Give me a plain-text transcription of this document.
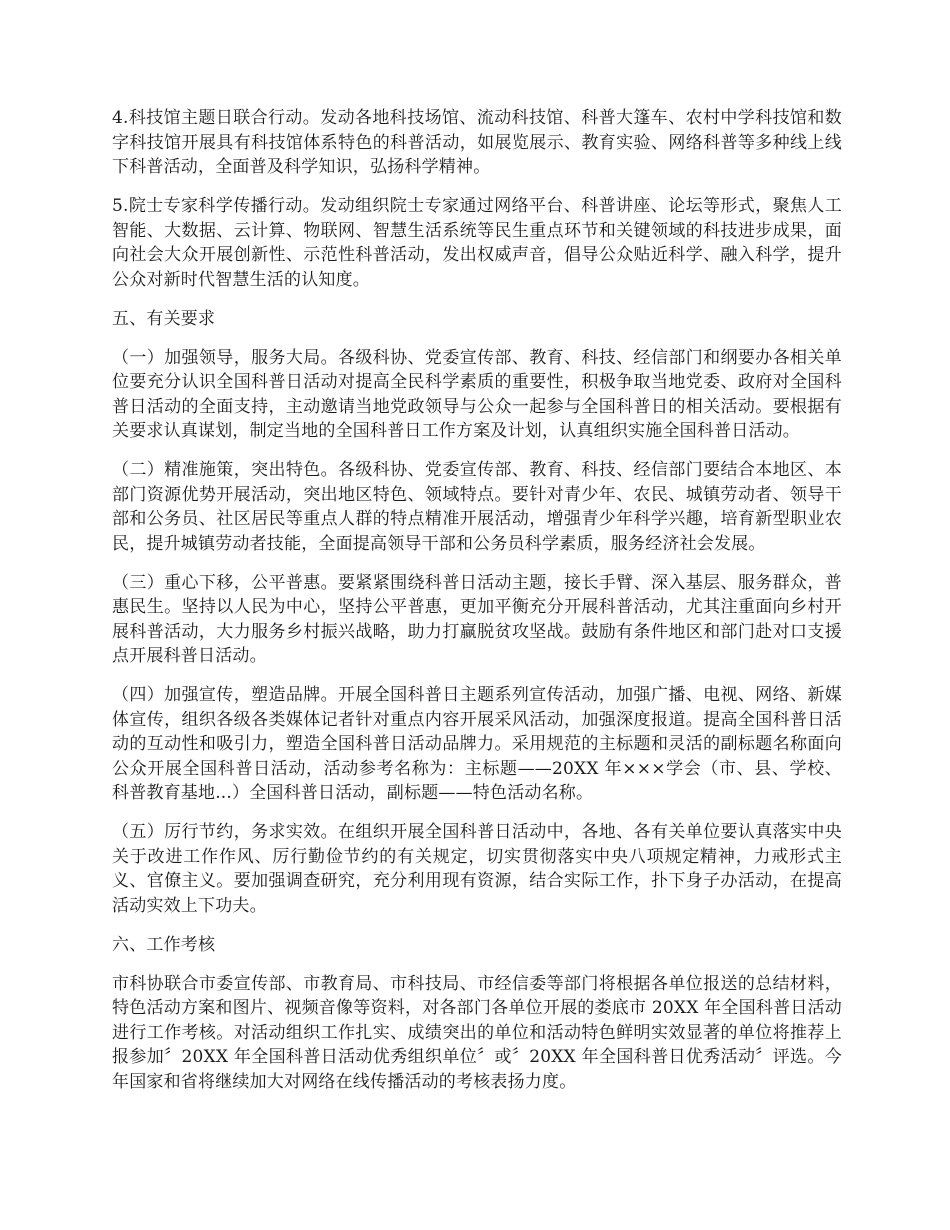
4.科技馆主题日联合行动。发动各地科技场馆、流动科技馆、科普大篷车、农村中学科技馆和数字科技馆开展具有科技馆体系特色的科普活动，如展览展示、教育实验、网络科普等多种线上线下科普活动，全面普及科学知识，弘扬科学精神。

5.院士专家科学传播行动。发动组织院士专家通过网络平台、科普讲座、论坛等形式，聚焦人工智能、大数据、云计算、物联网、智慧生活系统等民生重点环节和关键领域的科技进步成果，面向社会大众开展创新性、示范性科普活动，发出权威声音，倡导公众贴近科学、融入科学，提升公众对新时代智慧生活的认知度。

五、有关要求

（一）加强领导，服务大局。各级科协、党委宣传部、教育、科技、经信部门和纲要办各相关单位要充分认识全国科普日活动对提高全民科学素质的重要性，积极争取当地党委、政府对全国科普日活动的全面支持，主动邀请当地党政领导与公众一起参与全国科普日的相关活动。要根据有关要求认真谋划，制定当地的全国科普日工作方案及计划，认真组织实施全国科普日活动。

（二）精准施策，突出特色。各级科协、党委宣传部、教育、科技、经信部门要结合本地区、本部门资源优势开展活动，突出地区特色、领域特点。要针对青少年、农民、城镇劳动者、领导干部和公务员、社区居民等重点人群的特点精准开展活动，增强青少年科学兴趣，培育新型职业农民，提升城镇劳动者技能，全面提高领导干部和公务员科学素质，服务经济社会发展。

（三）重心下移，公平普惠。要紧紧围绕科普日活动主题，接长手臂、深入基层、服务群众，普惠民生。坚持以人民为中心，坚持公平普惠，更加平衡充分开展科普活动，尤其注重面向乡村开展科普活动，大力服务乡村振兴战略，助力打赢脱贫攻坚战。鼓励有条件地区和部门赴对口支援点开展科普日活动。

（四）加强宣传，塑造品牌。开展全国科普日主题系列宣传活动，加强广播、电视、网络、新媒体宣传，组织各级各类媒体记者针对重点内容开展采风活动，加强深度报道。提高全国科普日活动的互动性和吸引力，塑造全国科普日活动品牌力。采用规范的主标题和灵活的副标题名称面向公众开展全国科普日活动，活动参考名称为：主标题——20XX 年×××学会（市、县、学校、科普教育基地...）全国科普日活动，副标题——特色活动名称。

（五）厉行节约，务求实效。在组织开展全国科普日活动中，各地、各有关单位要认真落实中央关于改进工作作风、厉行勤俭节约的有关规定，切实贯彻落实中央八项规定精神，力戒形式主义、官僚主义。要加强调查研究，充分利用现有资源，结合实际工作，扑下身子办活动，在提高活动实效上下功夫。

六、工作考核

市科协联合市委宣传部、市教育局、市科技局、市经信委等部门将根据各单位报送的总结材料，特色活动方案和图片、视频音像等资料，对各部门各单位开展的娄底市 20XX 年全国科普日活动进行工作考核。对活动组织工作扎实、成绩突出的单位和活动特色鲜明实效显著的单位将推荐上报参加〞20XX 年全国科普日活动优秀组织单位〞或〞20XX 年全国科普日优秀活动〞评选。今年国家和省将继续加大对网络在线传播活动的考核表扬力度。
